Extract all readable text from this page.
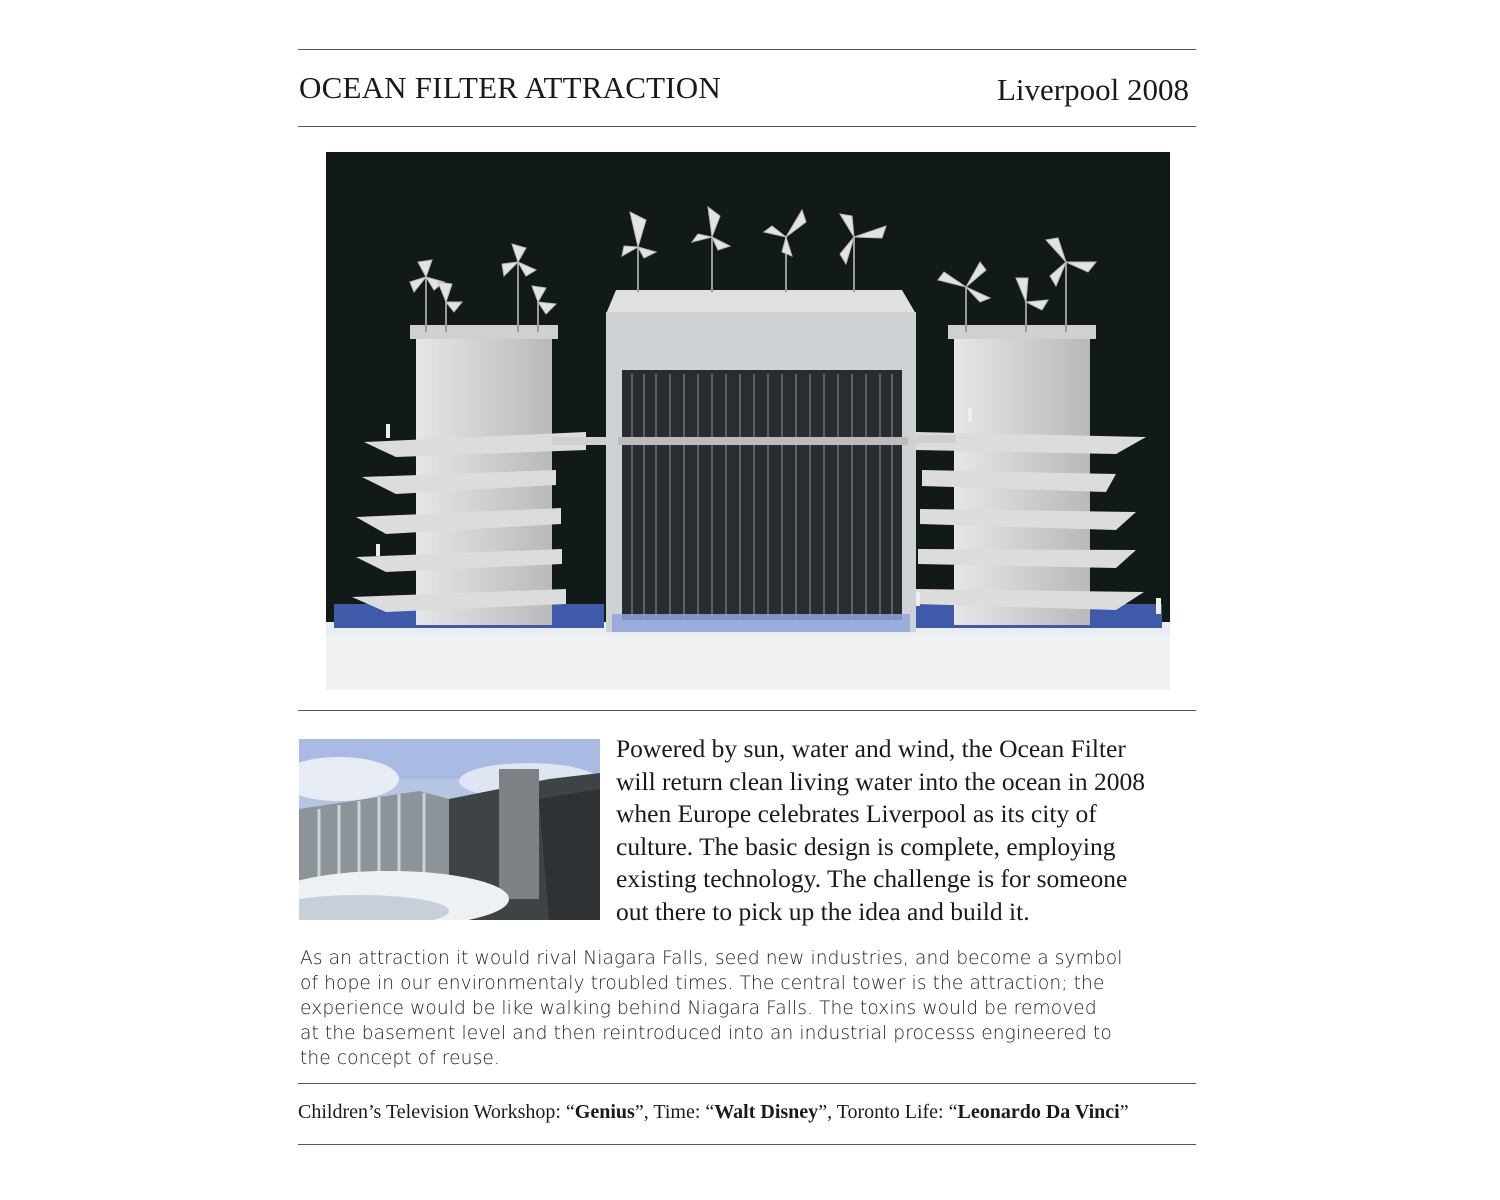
OCEAN FILTER ATTRACTION	Liverpool 2008
Powered by sun, water and wind, the Ocean Filter
will return clean living water into the ocean in 2008
when Europe celebrates Liverpool as its city of
culture. The basic design is complete, employing
existing technology. The challenge is for someone
out there to pick up the idea and build it.
As an attraction it would rival Niagara Falls, seed new industries, and become a symbol
of hope in our environmentaly troubled times. The central tower is the attraction; the
experience would be like walking behind Niagara Falls. The toxins would be removed
at the basement level and then reintroduced into an industrial processs engineered to
the concept of reuse.
Children’s Television Workshop: “Genius”, Time: “Walt Disney”, Toronto Life: “Leonardo Da Vinci”
